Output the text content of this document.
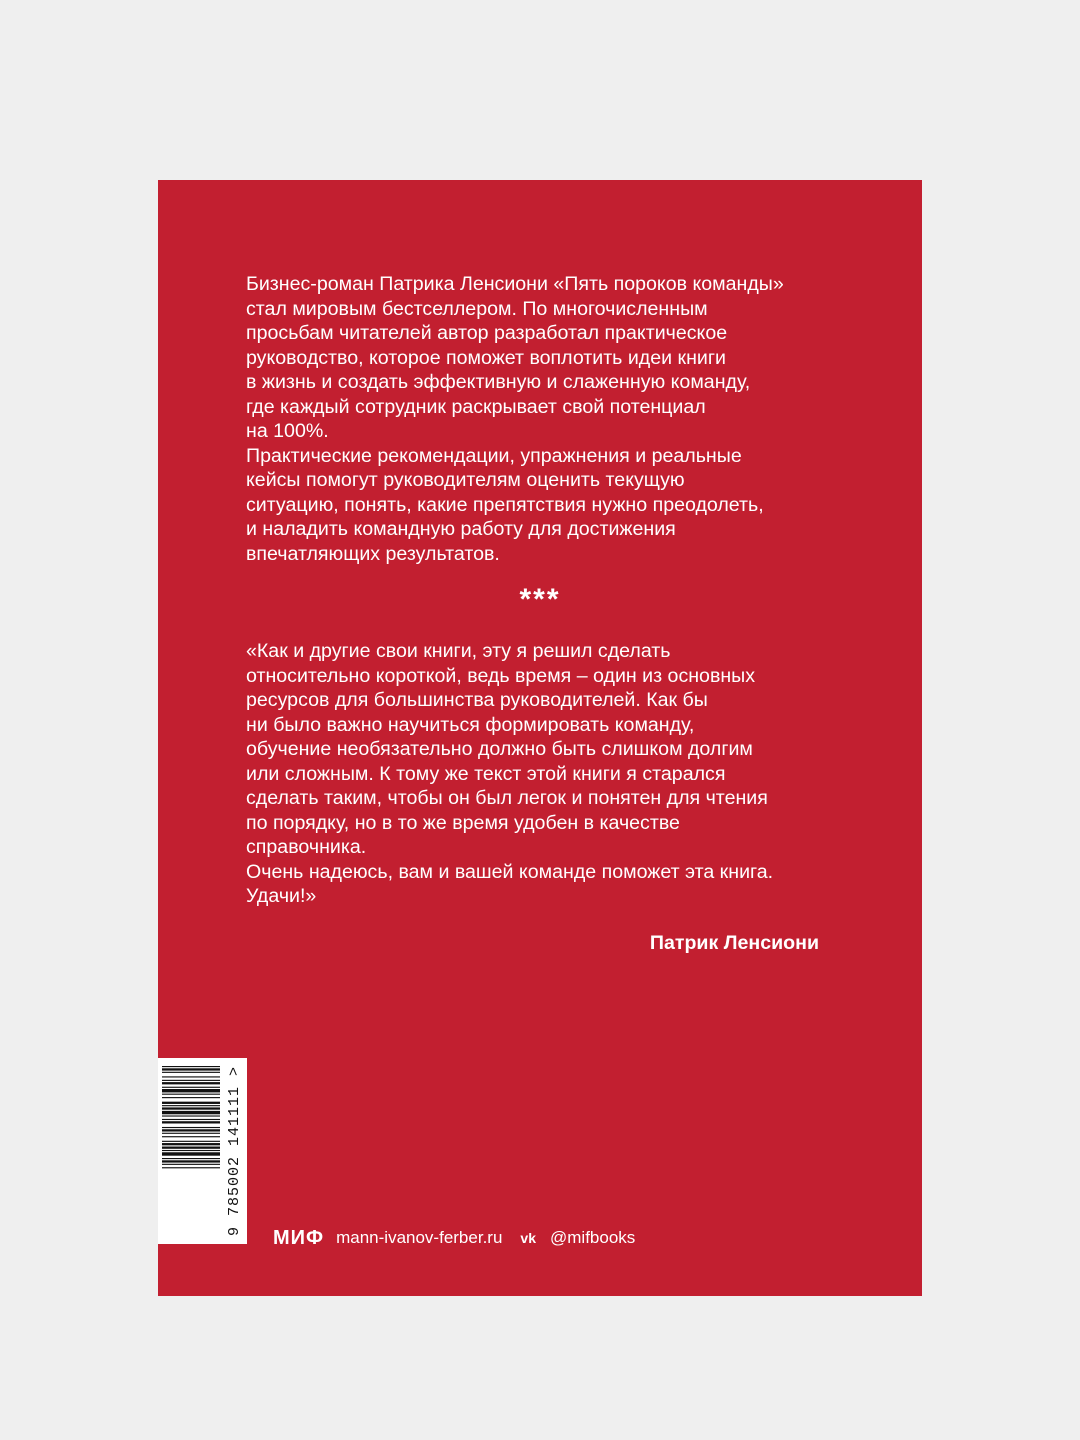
Бизнес-роман Патрика Ленсиони «Пять пороков команды»
стал мировым бестселлером. По многочисленным
просьбам читателей автор разработал практическое
руководство, которое поможет воплотить идеи книги
в жизнь и создать эффективную и слаженную команду,
где каждый сотрудник раскрывает свой потенциал
на 100%.
Практические рекомендации, упражнения и реальные
кейсы помогут руководителям оценить текущую
ситуацию, понять, какие препятствия нужно преодолеть,
и наладить командную работу для достижения
впечатляющих результатов.
***
«Как и другие свои книги, эту я решил сделать
относительно короткой, ведь время – один из основных
ресурсов для большинства руководителей. Как бы
ни было важно научиться формировать команду,
обучение необязательно должно быть слишком долгим
или сложным. К тому же текст этой книги я старался
сделать таким, чтобы он был легок и понятен для чтения
по порядку, но в то же время удобен в качестве
справочника.
Очень надеюсь, вам и вашей команде поможет эта книга.
Удачи!»
Патрик Ленсиони
9 785002 141111 >
МИФ mann-ivanov-ferber.ru vk @mifbooks
